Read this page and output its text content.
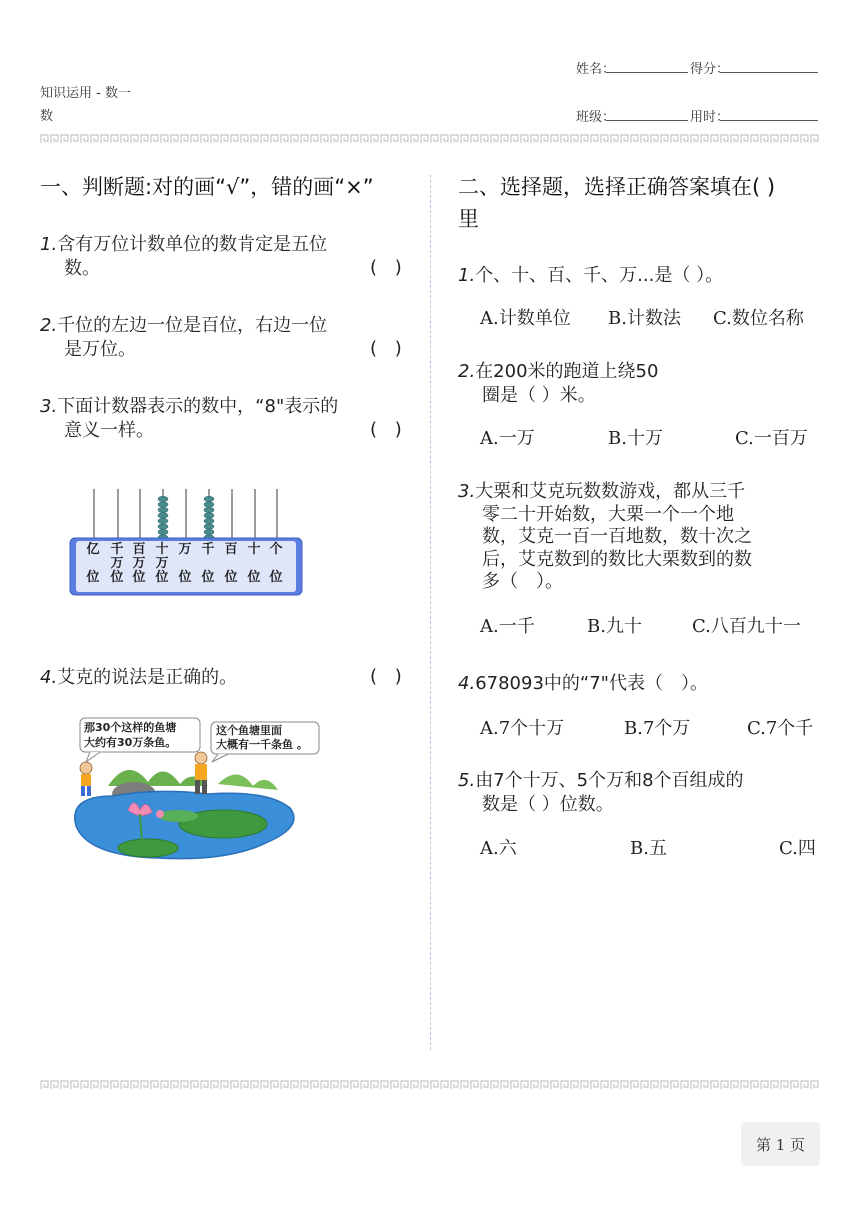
姓名：	得分：
知识运用 - 数一
数	班级：	用时：
一、判断题:对的画“√”，错的画“×”
1.含有万位计数单位的数肯定是五位
数。	( )
2.千位的左边一位是百位，右边一位
是万位。	( )
3.下面计数器表示的数中，“8"表示的
意义一样。	( )
亿

位
千
万
位
百
万
位
十
万
位
万

位
千

位
百

位
十

位
个

位
4.艾克的说法是正确的。	( )
那30个这样的鱼塘
大约有30万条鱼。
这个鱼塘里面
大概有一千条鱼 。
二、选择题，选择正确答案填在( )
里
1.个、十、百、千、万...是（ ）。
A.计数单位 B.计数法 C.数位名称
2.在200米的跑道上绕50
圈是（ ）米。
A.一万	B.十万	C.一百万
3.大栗和艾克玩数数游戏，都从三千
零二十开始数，大栗一个一个地
数，艾克一百一百地数，数十次之
后，艾克数到的数比大栗数到的数
多（　）。
A.一千	B.九十	C.八百九十一
4.678093中的“7"代表（　）。
A.7个十万	B.7个万	C.7个千
5.由7个十万、5个万和8个百组成的
数是（ ）位数。
A.六	B.五	C.四
第 1 页
